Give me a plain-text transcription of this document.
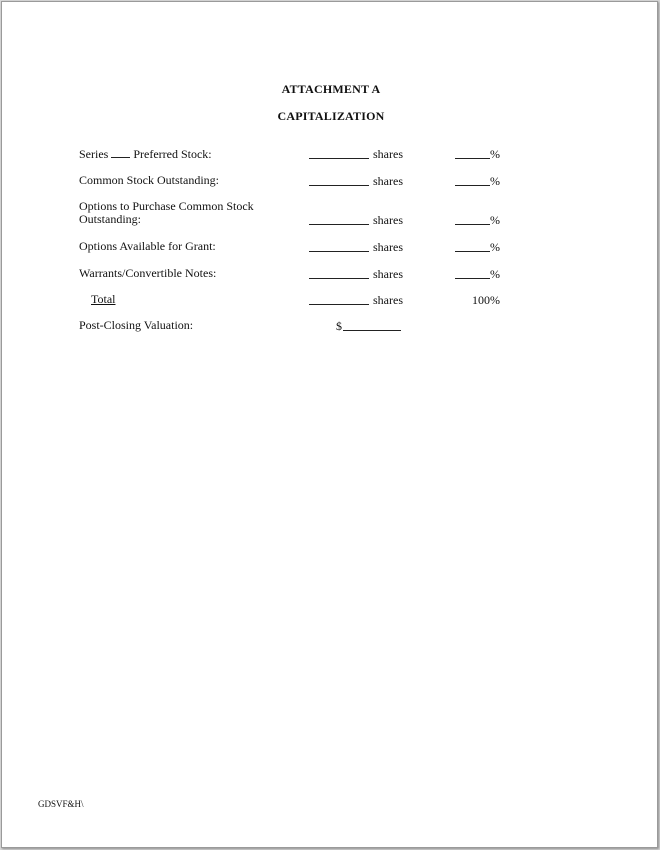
ATTACHMENT A
CAPITALIZATION
Series Preferred Stock:	shares	%
Common Stock Outstanding:	shares	%
Options to Purchase Common Stock
Outstanding:	shares	%
Options Available for Grant:	shares	%
Warrants/Convertible Notes:	shares	%
Total	shares	100%
Post-Closing Valuation:	$
GDSVF&H\
